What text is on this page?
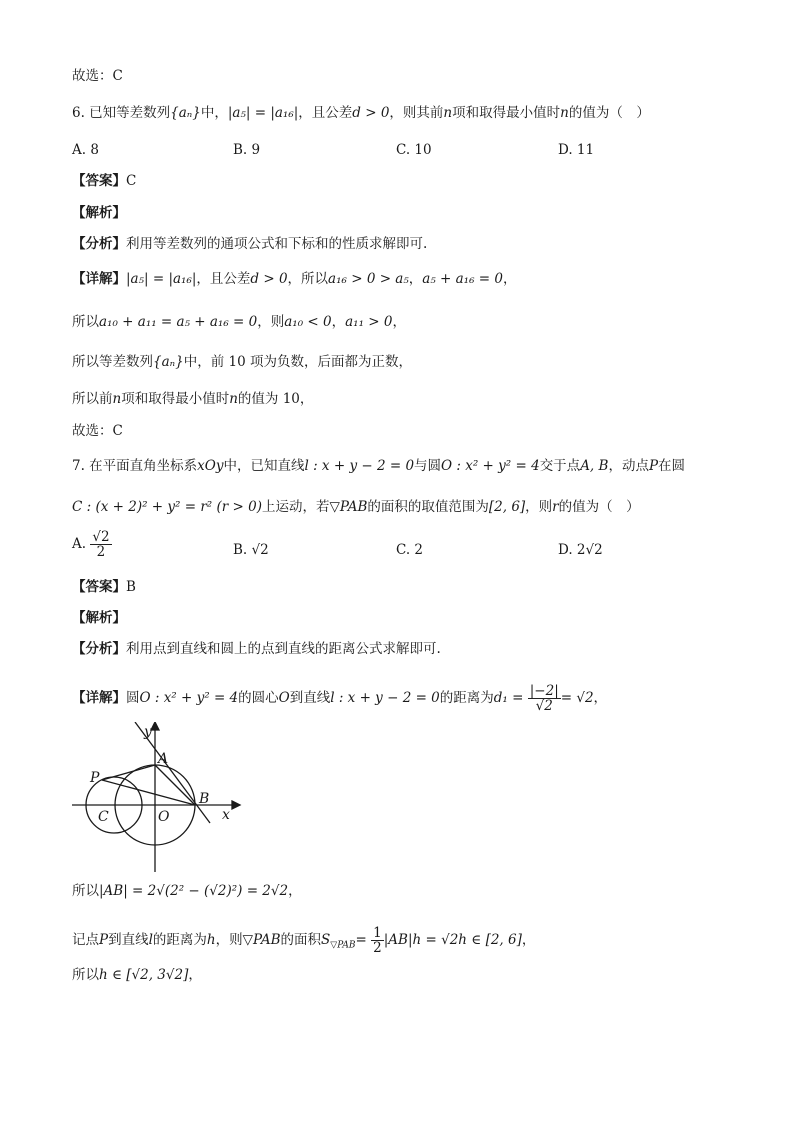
故选：C
6. 已知等差数列{aₙ}中，|a₅| = |a₁₆|，且公差d > 0，则其前n项和取得最小值时n的值为（　）
A. 8	B. 9	C. 10	D. 11
【答案】C
【解析】
【分析】利用等差数列的通项公式和下标和的性质求解即可.
【详解】|a₅| = |a₁₆|，且公差d > 0，所以a₁₆ > 0 > a₅，a₅ + a₁₆ = 0，
所以a₁₀ + a₁₁ = a₅ + a₁₆ = 0，则a₁₀ < 0，a₁₁ > 0，
所以等差数列{aₙ}中，前 10 项为负数，后面都为正数，
所以前n项和取得最小值时n的值为 10，
故选：C
7. 在平面直角坐标系xOy中，已知直线l : x + y − 2 = 0与圆O : x² + y² = 4交于点A, B，动点P在圆
C : (x + 2)² + y² = r² (r > 0)上运动，若▽PAB的面积的取值范围为[2, 6]，则r的值为（　）
A. $\frac{√2}{2}$	B. √2	C. 2	D. 2√2
【答案】B
【解析】
【分析】利用点到直线和圆上的点到直线的距离公式求解即可.
【详解】圆O : x² + y² = 4的圆心O到直线l : x + y − 2 = 0的距离为$d_1 = \frac{|-2|}{√2} = √2$，
y
x
A
B
P
C	O
所以|AB| = 2√(2² − (√2)²) = 2√2，
记点P到直线l的距离为h，则▽PAB的面积$S_{▽PAB}= \frac{1}{2} |AB|h = √2h$ ∈ [2, 6]，
所以h ∈ [√2, 3√2]，
